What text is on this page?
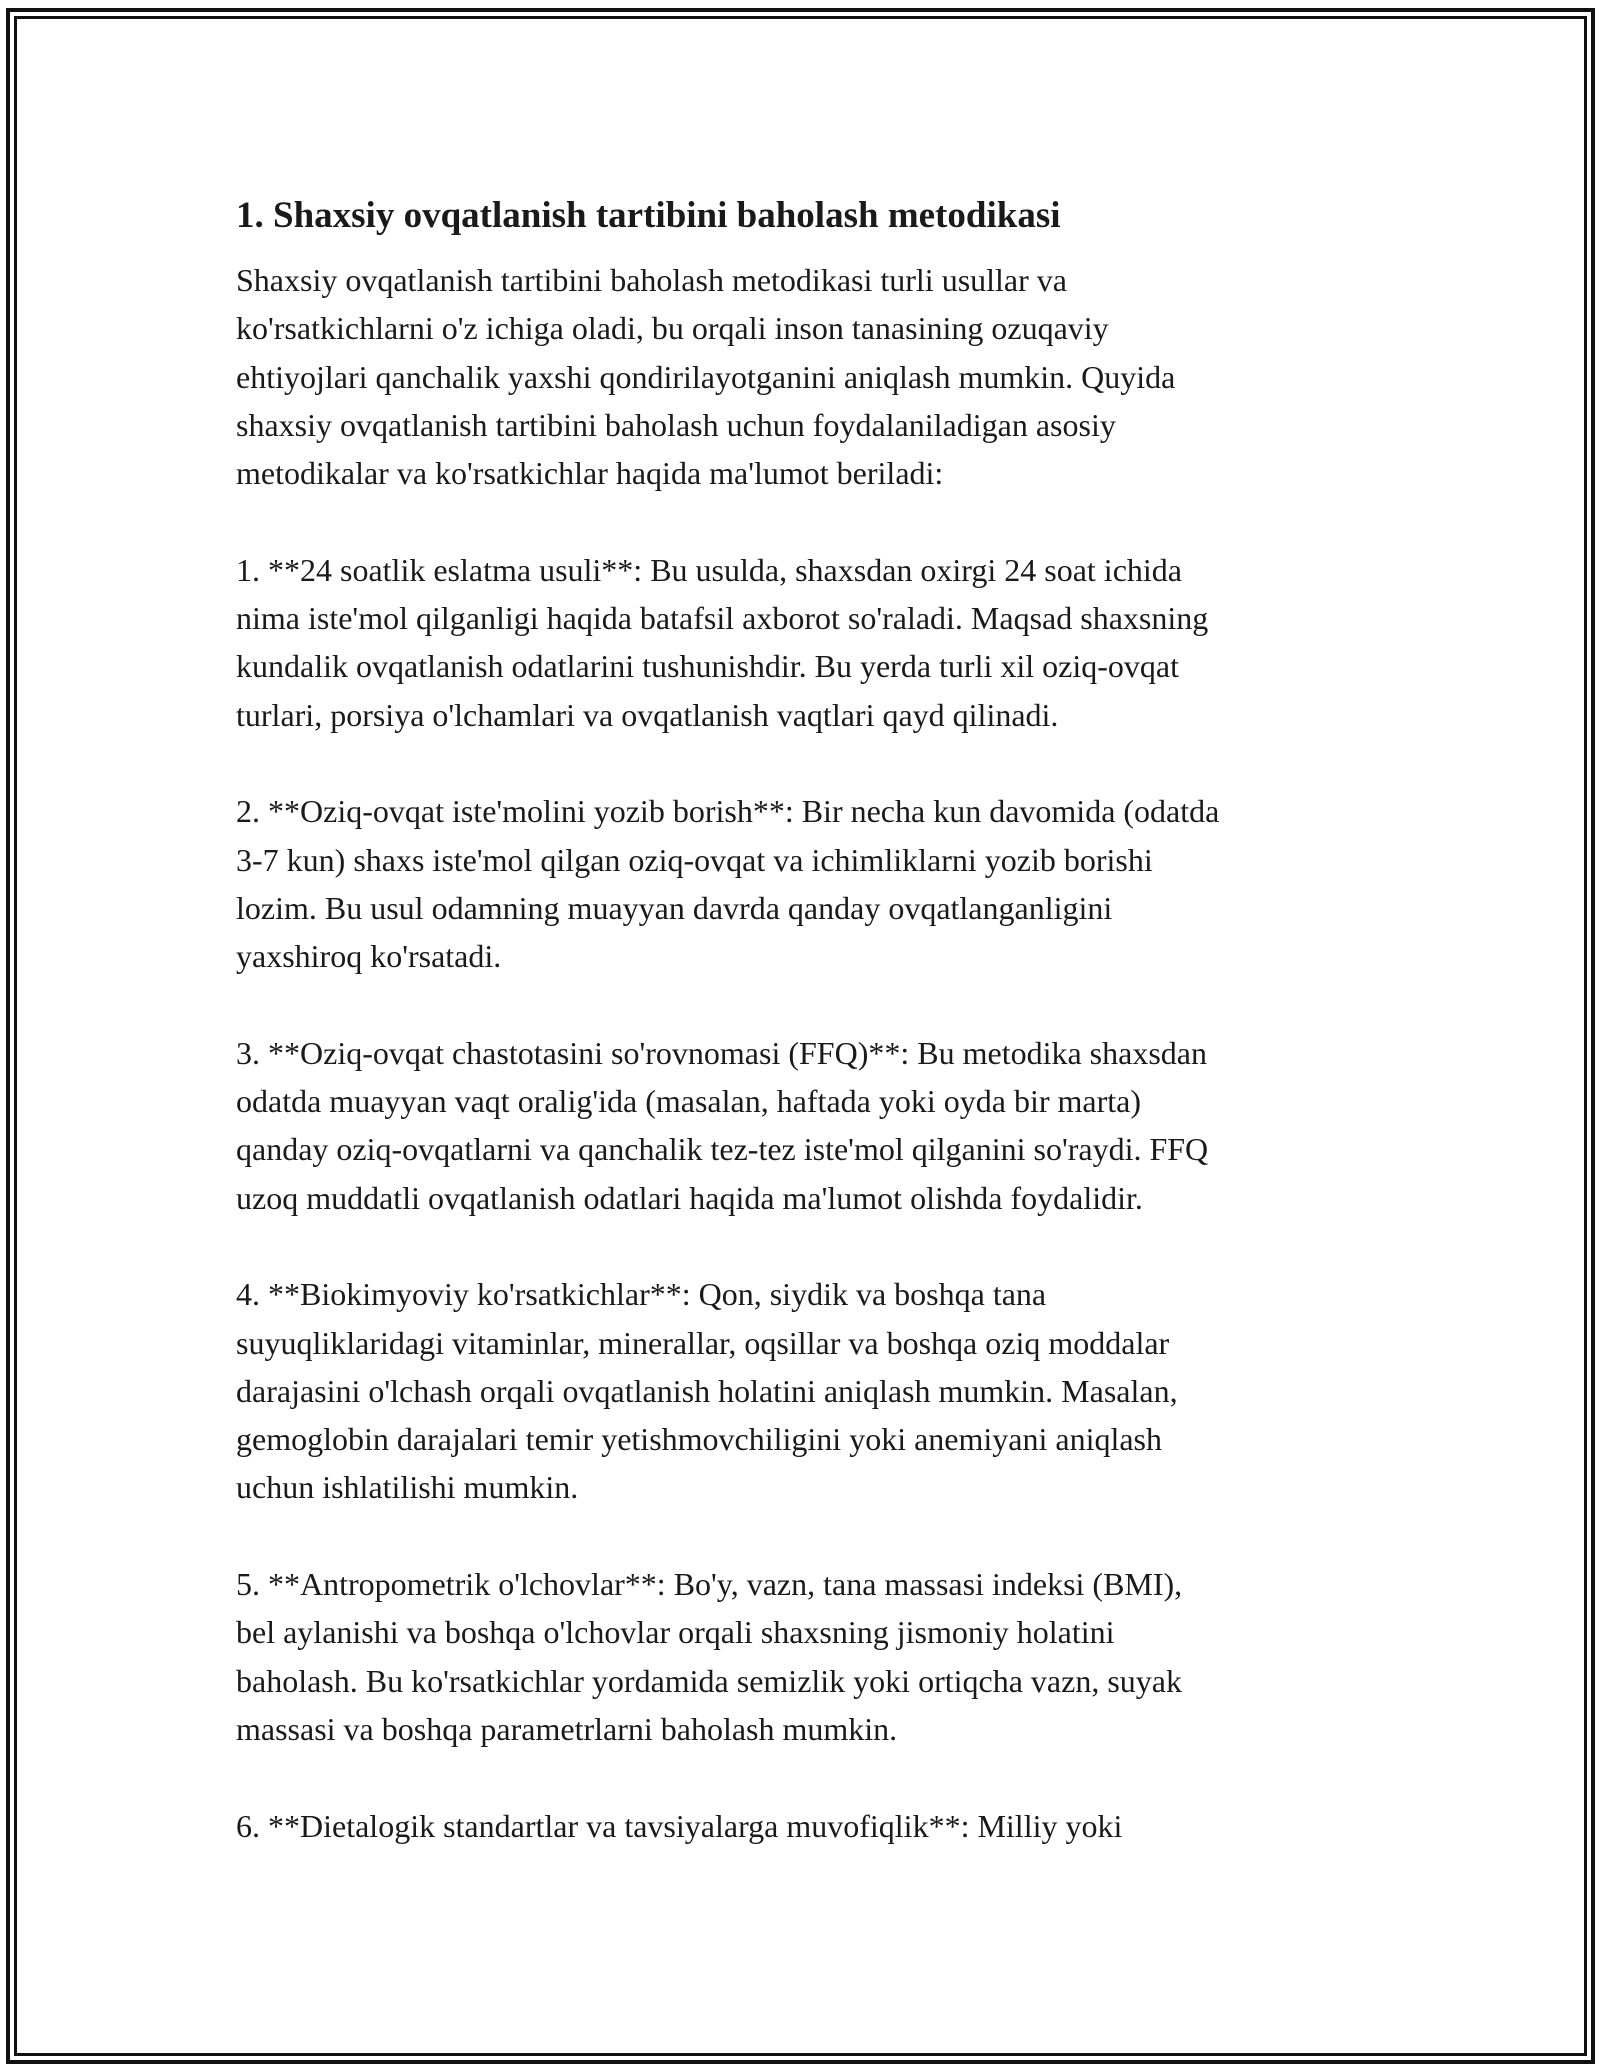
1. Shaxsiy ovqatlanish tartibini baholash metodikasi

Shaxsiy ovqatlanish tartibini baholash metodikasi turli usullar va
ko'rsatkichlarni o'z ichiga oladi, bu orqali inson tanasining ozuqaviy
ehtiyojlari qanchalik yaxshi qondirilayotganini aniqlash mumkin. Quyida
shaxsiy ovqatlanish tartibini baholash uchun foydalaniladigan asosiy
metodikalar va ko'rsatkichlar haqida ma'lumot beriladi:

1. **24 soatlik eslatma usuli**: Bu usulda, shaxsdan oxirgi 24 soat ichida
nima iste'mol qilganligi haqida batafsil axborot so'raladi. Maqsad shaxsning
kundalik ovqatlanish odatlarini tushunishdir. Bu yerda turli xil oziq-ovqat
turlari, porsiya o'lchamlari va ovqatlanish vaqtlari qayd qilinadi.

2. **Oziq-ovqat iste'molini yozib borish**: Bir necha kun davomida (odatda
3-7 kun) shaxs iste'mol qilgan oziq-ovqat va ichimliklarni yozib borishi
lozim. Bu usul odamning muayyan davrda qanday ovqatlanganligini
yaxshiroq ko'rsatadi.

3. **Oziq-ovqat chastotasini so'rovnomasi (FFQ)**: Bu metodika shaxsdan
odatda muayyan vaqt oralig'ida (masalan, haftada yoki oyda bir marta)
qanday oziq-ovqatlarni va qanchalik tez-tez iste'mol qilganini so'raydi. FFQ
uzoq muddatli ovqatlanish odatlari haqida ma'lumot olishda foydalidir.

4. **Biokimyoviy ko'rsatkichlar**: Qon, siydik va boshqa tana
suyuqliklaridagi vitaminlar, minerallar, oqsillar va boshqa oziq moddalar
darajasini o'lchash orqali ovqatlanish holatini aniqlash mumkin. Masalan,
gemoglobin darajalari temir yetishmovchiligini yoki anemiyani aniqlash
uchun ishlatilishi mumkin.

5. **Antropometrik o'lchovlar**: Bo'y, vazn, tana massasi indeksi (BMI),
bel aylanishi va boshqa o'lchovlar orqali shaxsning jismoniy holatini
baholash. Bu ko'rsatkichlar yordamida semizlik yoki ortiqcha vazn, suyak
massasi va boshqa parametrlarni baholash mumkin.

6. **Dietalogik standartlar va tavsiyalarga muvofiqlik**: Milliy yoki
